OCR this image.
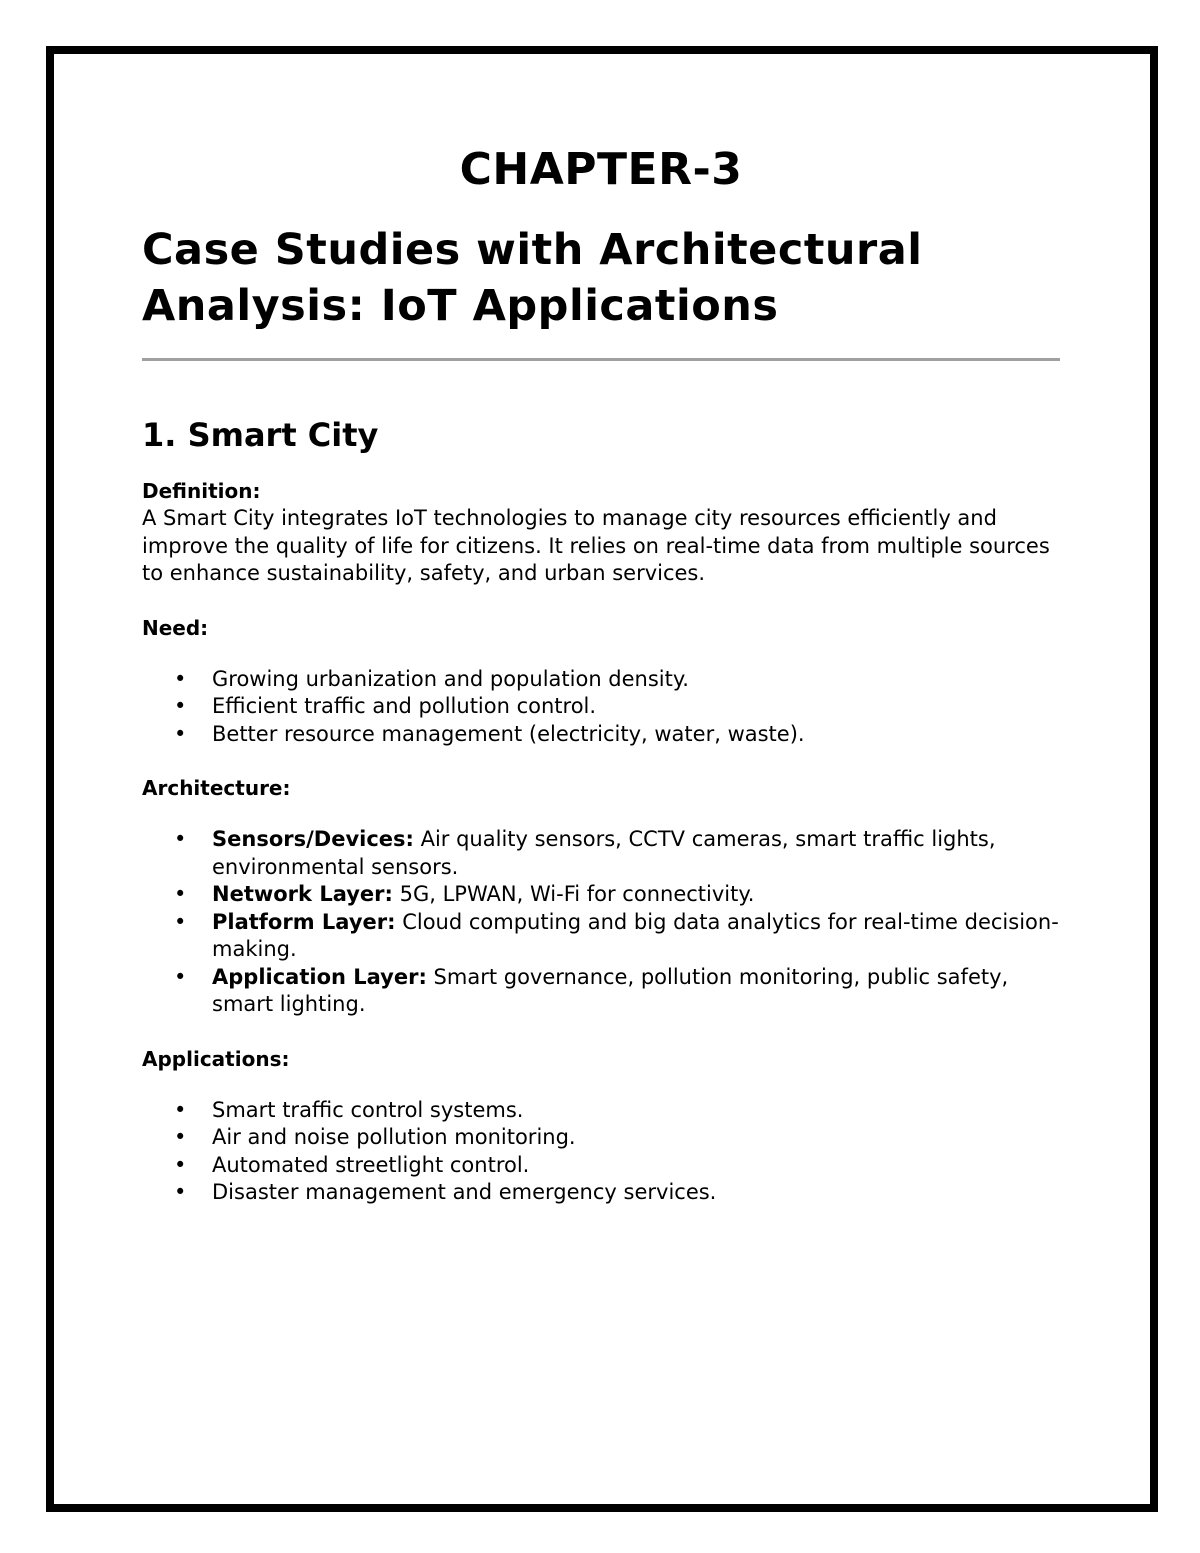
CHAPTER-3
Case Studies with Architectural Analysis: IoT Applications
1. Smart City

Definition:

A Smart City integrates IoT technologies to manage city resources efficiently and improve the quality of life for citizens. It relies on real-time data from multiple sources to enhance sustainability, safety, and urban services.

Need:

• Growing urbanization and population density.
• Efficient traffic and pollution control.
• Better resource management (electricity, water, waste).

Architecture:

• Sensors/Devices: Air quality sensors, CCTV cameras, smart traffic lights, environmental sensors.
• Network Layer: 5G, LPWAN, Wi-Fi for connectivity.
• Platform Layer: Cloud computing and big data analytics for real-time decision-making.
• Application Layer: Smart governance, pollution monitoring, public safety, smart lighting.

Applications:

• Smart traffic control systems.
• Air and noise pollution monitoring.
• Automated streetlight control.
• Disaster management and emergency services.
